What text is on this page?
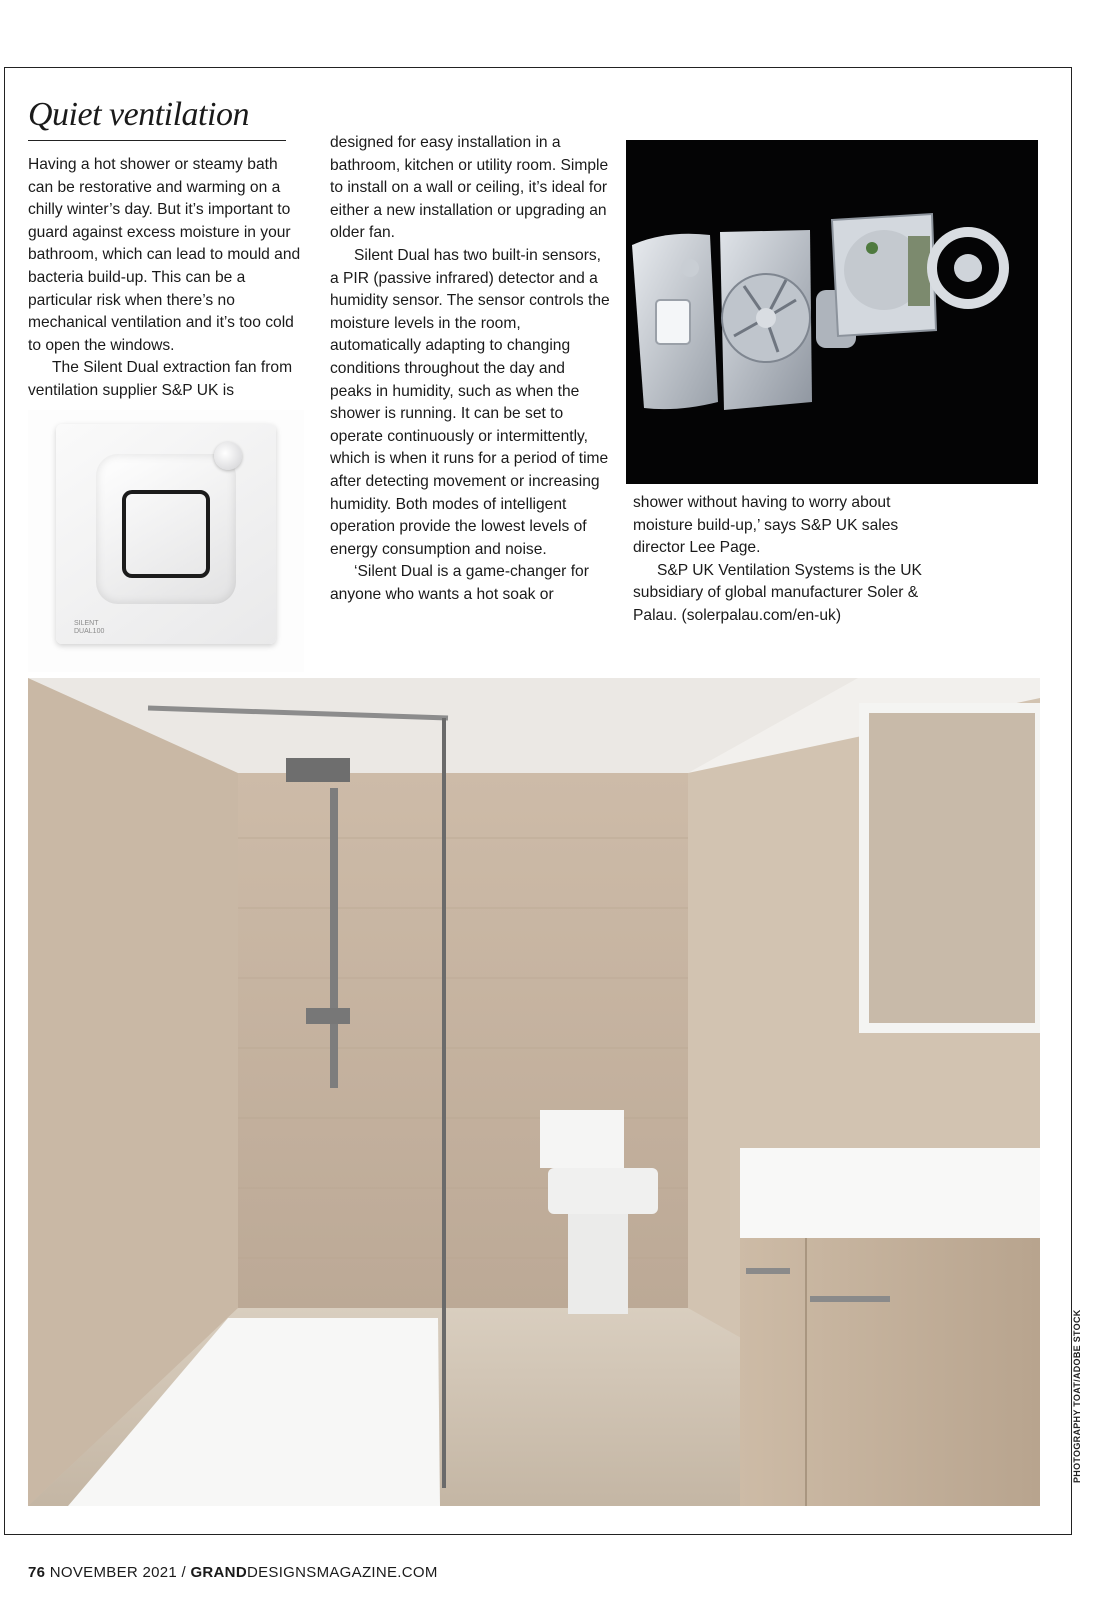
Quiet ventilation

Having a hot shower or steamy bath can be restorative and warming on a chilly winter’s day. But it’s important to guard against excess moisture in your bathroom, which can lead to mould and bacteria build-up. This can be a particular risk when there’s no mechanical ventilation and it’s too cold to open the windows.

The Silent Dual extraction fan from ventilation supplier S&P UK is

SILENT
DUAL100

designed for easy installation in a bathroom, kitchen or utility room. Simple to install on a wall or ceiling, it’s ideal for either a new installation or upgrading an older fan.

Silent Dual has two built-in sensors, a PIR (passive infrared) detector and a humidity sensor. The sensor controls the moisture levels in the room, automatically adapting to changing conditions throughout the day and peaks in humidity, such as when the shower is running. It can be set to operate continuously or intermittently, which is when it runs for a period of time after detecting movement or increasing humidity. Both modes of intelligent operation provide the lowest levels of energy consumption and noise.

‘Silent Dual is a game-changer for anyone who wants a hot soak or

shower without having to worry about moisture build-up,’ says S&P UK sales director Lee Page.

S&P UK Ventilation Systems is the UK subsidiary of global manufacturer Soler & Palau. (solerpalau.com/en-uk)

PHOTOGRAPHY TOAT/ADOBE STOCK
76 NOVEMBER 2021 / GRANDDESIGNSMAGAZINE.COM
